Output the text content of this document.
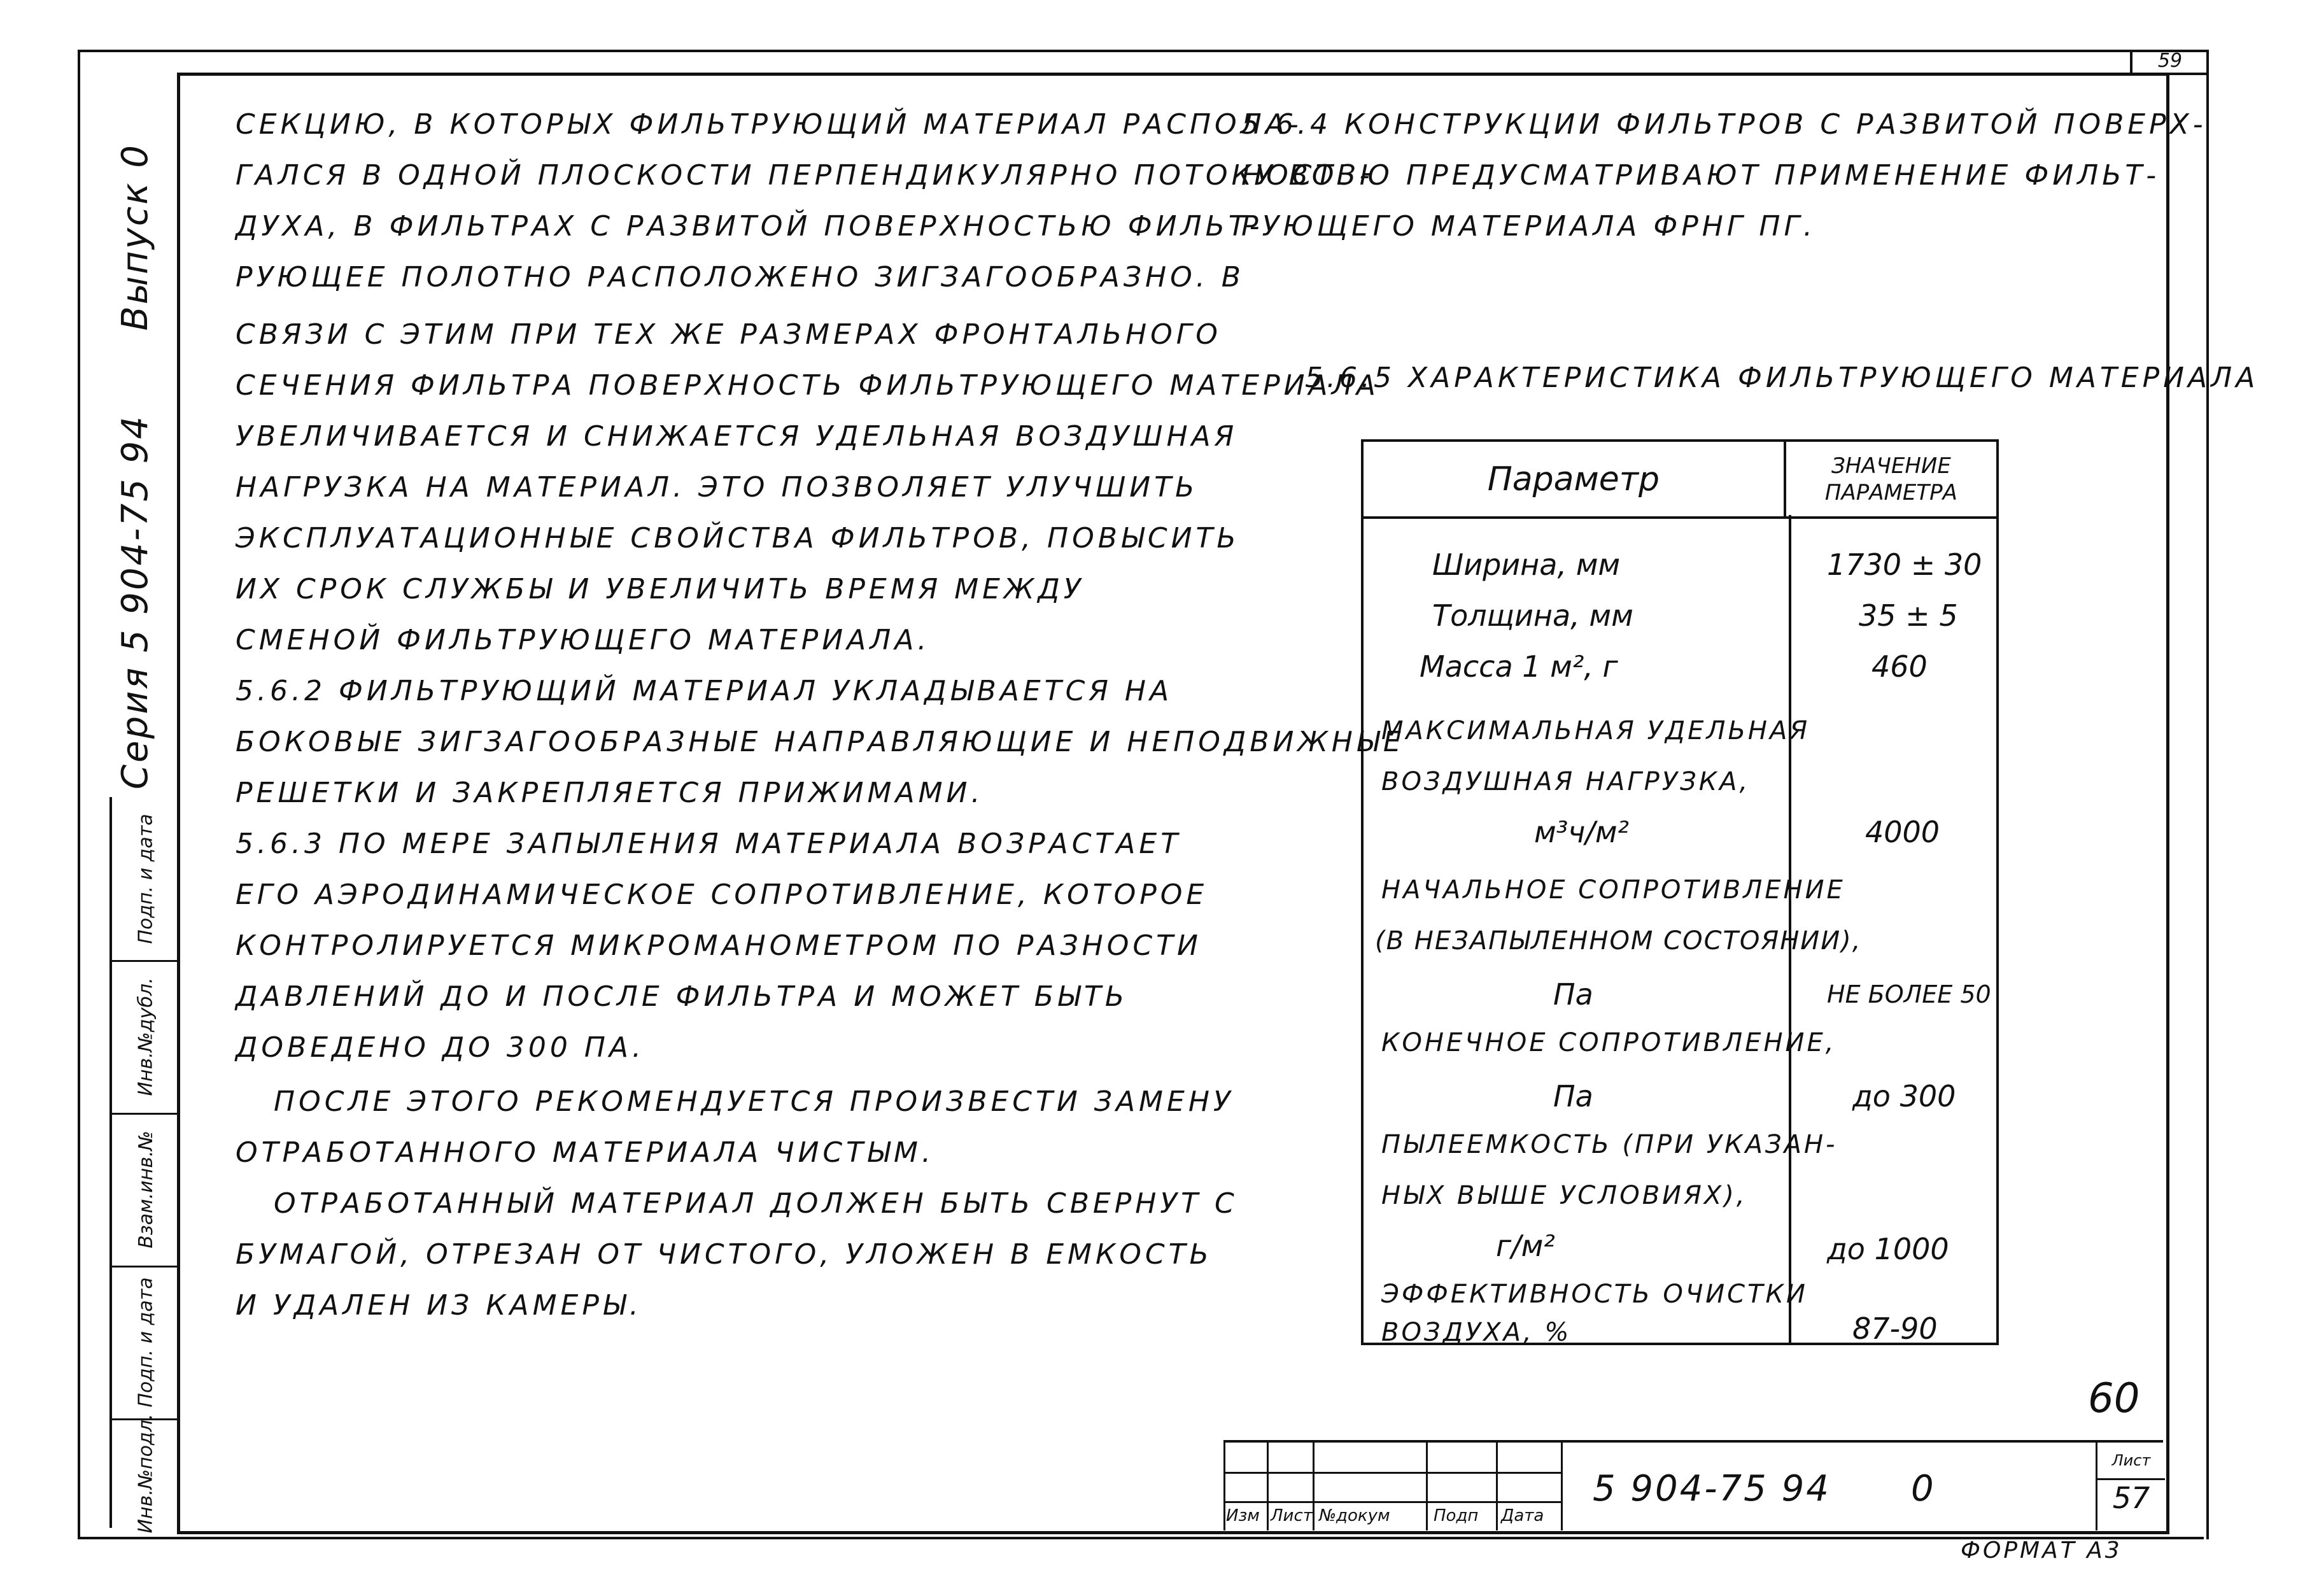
59
Серия 5 904-75 94  Выпуск 0
Подп. и дата
Инв.№дубл.
Взам.инв.№
Подп. и дата
Инв.№подл.
СЕКЦИЮ, В КОТОРЫХ ФИЛЬТРУЮЩИЙ МАТЕРИАЛ РАСПОЛА-
ГАЛСЯ В ОДНОЙ ПЛОСКОСТИ ПЕРПЕНДИКУЛЯРНО ПОТОКУ ВОЗ-
ДУХА, В ФИЛЬТРАХ С РАЗВИТОЙ ПОВЕРХНОСТЬЮ ФИЛЬТ-
РУЮЩЕЕ ПОЛОТНО РАСПОЛОЖЕНО ЗИГЗАГООБРАЗНО. В
СВЯЗИ С ЭТИМ ПРИ ТЕХ ЖЕ РАЗМЕРАХ ФРОНТАЛЬНОГО
СЕЧЕНИЯ ФИЛЬТРА ПОВЕРХНОСТЬ ФИЛЬТРУЮЩЕГО МАТЕРИАЛА
УВЕЛИЧИВАЕТСЯ И СНИЖАЕТСЯ УДЕЛЬНАЯ ВОЗДУШНАЯ
НАГРУЗКА НА МАТЕРИАЛ. ЭТО ПОЗВОЛЯЕТ УЛУЧШИТЬ
ЭКСПЛУАТАЦИОННЫЕ СВОЙСТВА ФИЛЬТРОВ, ПОВЫСИТЬ
ИХ СРОК СЛУЖБЫ И УВЕЛИЧИТЬ ВРЕМЯ МЕЖДУ
СМЕНОЙ ФИЛЬТРУЮЩЕГО МАТЕРИАЛА.
5.6.2 ФИЛЬТРУЮЩИЙ МАТЕРИАЛ УКЛАДЫВАЕТСЯ НА
БОКОВЫЕ ЗИГЗАГООБРАЗНЫЕ НАПРАВЛЯЮЩИЕ И НЕПОДВИЖНЫЕ
РЕШЕТКИ И ЗАКРЕПЛЯЕТСЯ ПРИЖИМАМИ.
5.6.3 ПО МЕРЕ ЗАПЫЛЕНИЯ МАТЕРИАЛА ВОЗРАСТАЕТ
ЕГО АЭРОДИНАМИЧЕСКОЕ СОПРОТИВЛЕНИЕ, КОТОРОЕ
КОНТРОЛИРУЕТСЯ МИКРОМАНОМЕТРОМ ПО РАЗНОСТИ
ДАВЛЕНИЙ ДО И ПОСЛЕ ФИЛЬТРА И МОЖЕТ БЫТЬ
ДОВЕДЕНО ДО 300 ПА.
ПОСЛЕ ЭТОГО РЕКОМЕНДУЕТСЯ ПРОИЗВЕСТИ ЗАМЕНУ
ОТРАБОТАННОГО МАТЕРИАЛА ЧИСТЫМ.
ОТРАБОТАННЫЙ МАТЕРИАЛ ДОЛЖЕН БЫТЬ СВЕРНУТ С
БУМАГОЙ, ОТРЕЗАН ОТ ЧИСТОГО, УЛОЖЕН В ЕМКОСТЬ
И УДАЛЕН ИЗ КАМЕРЫ.
5.6.4 КОНСТРУКЦИИ ФИЛЬТРОВ С РАЗВИТОЙ ПОВЕРХ-
НОСТЬЮ ПРЕДУСМАТРИВАЮТ ПРИМЕНЕНИЕ ФИЛЬТ-
РУЮЩЕГО МАТЕРИАЛА ФРНГ ПГ.
5.6.5 ХАРАКТЕРИСТИКА ФИЛЬТРУЮЩЕГО МАТЕРИАЛА
Параметр	ЗНАЧЕНИЕ
ПАРАМЕТРА
Ширина, мм	1730 ± 30
Толщина, мм	35 ± 5
Масса 1 м², г	460
МАКСИМАЛЬНАЯ УДЕЛЬНАЯ
ВОЗДУШНАЯ НАГРУЗКА,
м³ч/м²	4000
НАЧАЛЬНОЕ СОПРОТИВЛЕНИЕ
(В НЕЗАПЫЛЕННОМ СОСТОЯНИИ),
Па	НЕ БОЛЕЕ 50
КОНЕЧНОЕ СОПРОТИВЛЕНИЕ,
Па	до 300
ПЫЛЕЕМКОСТЬ (ПРИ УКАЗАН-
НЫХ ВЫШЕ УСЛОВИЯХ),
г/м²	до 1000
ЭФФЕКТИВНОСТЬ ОЧИСТКИ
ВОЗДУХА, %	87-90
60
Изм Лист №докум	Подп Дата
5 904-75 94 0
Лист
57
ФОРМАТ А3
